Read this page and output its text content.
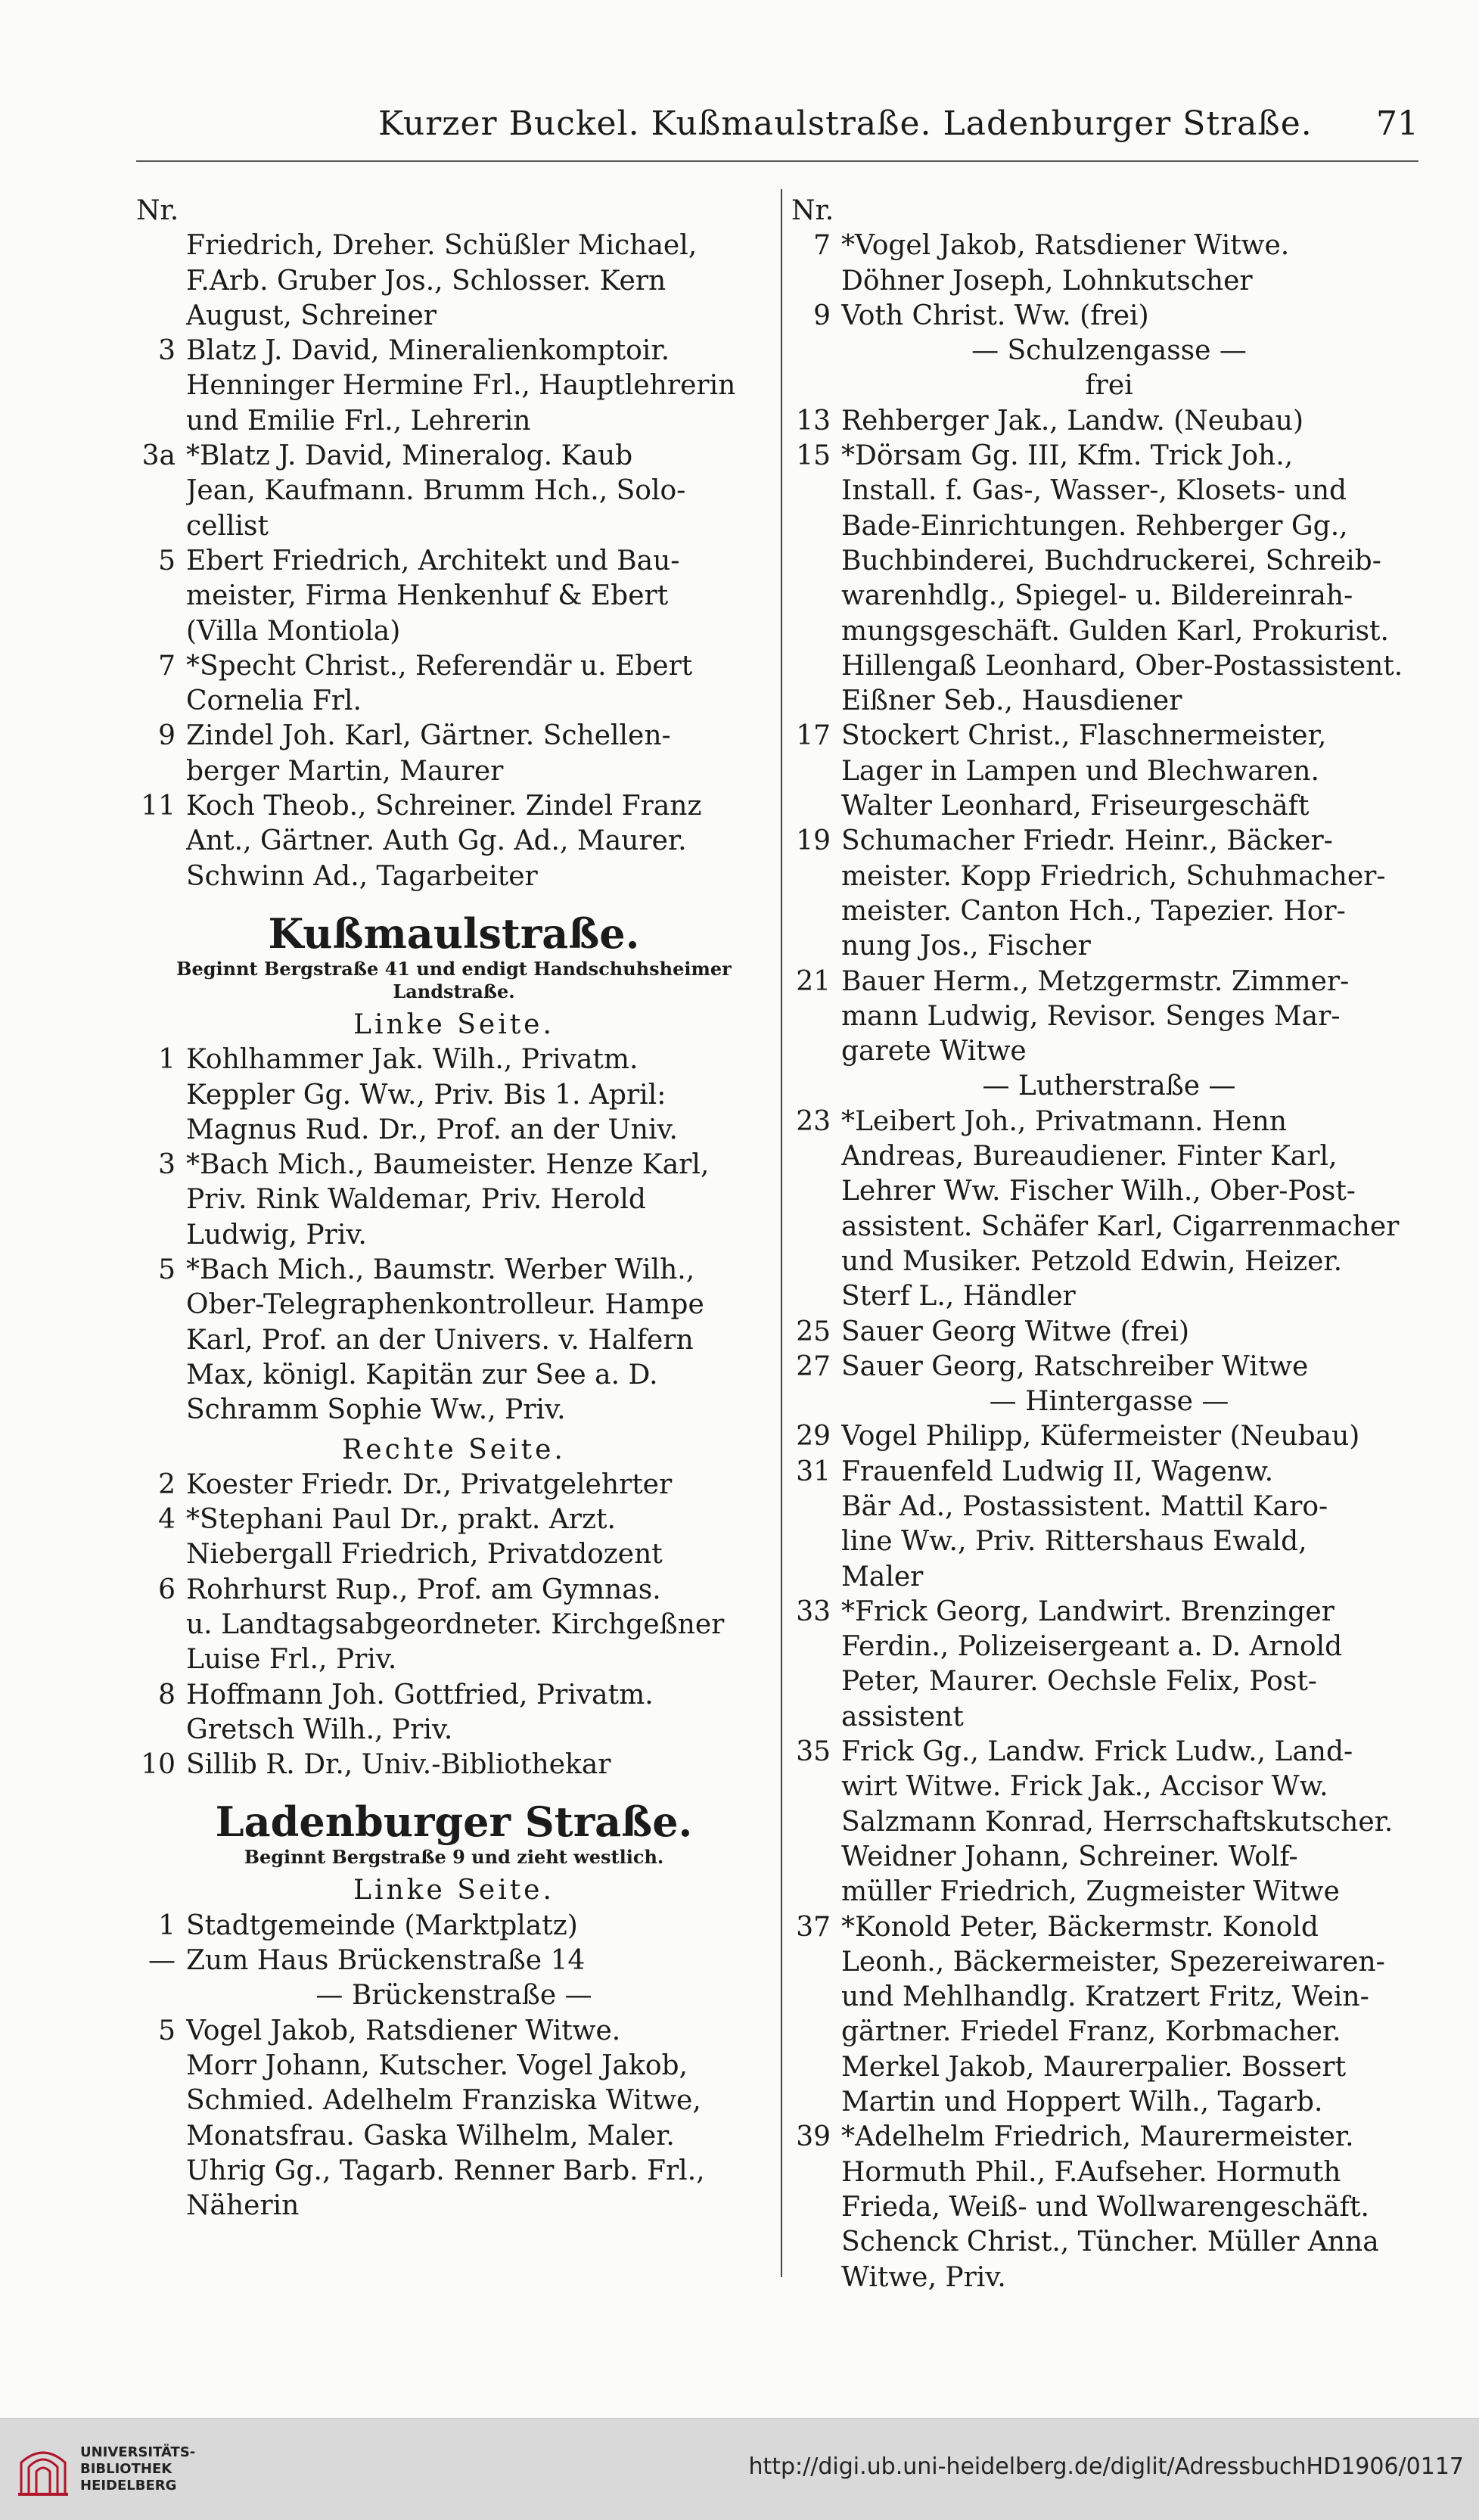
Kurzer Buckel. Kußmaulstraße. Ladenburger Straße. 71
Nr.
Friedrich, Dreher. Schüßler Michael,
F.Arb. Gruber Jos., Schlosser. Kern
August, Schreiner
3 Blatz J. David, Mineralienkomptoir.
Henninger Hermine Frl., Hauptlehrerin
und Emilie Frl., Lehrerin
3a *Blatz J. David, Mineralog. Kaub
Jean, Kaufmann. Brumm Hch., Solo-
cellist
5 Ebert Friedrich, Architekt und Bau-
meister, Firma Henkenhuf & Ebert
(Villa Montiola)
7 *Specht Christ., Referendär u. Ebert
Cornelia Frl.
9 Zindel Joh. Karl, Gärtner. Schellen-
berger Martin, Maurer
11 Koch Theob., Schreiner. Zindel Franz
Ant., Gärtner. Auth Gg. Ad., Maurer.
Schwinn Ad., Tagarbeiter
Kußmaulstraße.
Beginnt Bergstraße 41 und endigt Handschuhsheimer
Landstraße.
Linke Seite.
1 Kohlhammer Jak. Wilh., Privatm.
Keppler Gg. Ww., Priv. Bis 1. April:
Magnus Rud. Dr., Prof. an der Univ.
3 *Bach Mich., Baumeister. Henze Karl,
Priv. Rink Waldemar, Priv. Herold
Ludwig, Priv.
5 *Bach Mich., Baumstr. Werber Wilh.,
Ober-Telegraphenkontrolleur. Hampe
Karl, Prof. an der Univers. v. Halfern
Max, königl. Kapitän zur See a. D.
Schramm Sophie Ww., Priv.
Rechte Seite.
2 Koester Friedr. Dr., Privatgelehrter
4 *Stephani Paul Dr., prakt. Arzt.
Niebergall Friedrich, Privatdozent
6 Rohrhurst Rup., Prof. am Gymnas.
u. Landtagsabgeordneter. Kirchgeßner
Luise Frl., Priv.
8 Hoffmann Joh. Gottfried, Privatm.
Gretsch Wilh., Priv.
10 Sillib R. Dr., Univ.-Bibliothekar
Ladenburger Straße.
Beginnt Bergstraße 9 und zieht westlich.
Linke Seite.
1 Stadtgemeinde (Marktplatz)
— Zum Haus Brückenstraße 14
— Brückenstraße —
5 Vogel Jakob, Ratsdiener Witwe.
Morr Johann, Kutscher. Vogel Jakob,
Schmied. Adelhelm Franziska Witwe,
Monatsfrau. Gaska Wilhelm, Maler.
Uhrig Gg., Tagarb. Renner Barb. Frl.,
Näherin
Nr.
7 *Vogel Jakob, Ratsdiener Witwe.
Döhner Joseph, Lohnkutscher
9 Voth Christ. Ww. (frei)
— Schulzengasse —
frei
13 Rehberger Jak., Landw. (Neubau)
15 *Dörsam Gg. III, Kfm. Trick Joh.,
Install. f. Gas-, Wasser-, Klosets- und
Bade-Einrichtungen. Rehberger Gg.,
Buchbinderei, Buchdruckerei, Schreib-
warenhdlg., Spiegel- u. Bildereinrah-
mungsgeschäft. Gulden Karl, Prokurist.
Hillengaß Leonhard, Ober-Postassistent.
Eißner Seb., Hausdiener
17 Stockert Christ., Flaschnermeister,
Lager in Lampen und Blechwaren.
Walter Leonhard, Friseurgeschäft
19 Schumacher Friedr. Heinr., Bäcker-
meister. Kopp Friedrich, Schuhmacher-
meister. Canton Hch., Tapezier. Hor-
nung Jos., Fischer
21 Bauer Herm., Metzgermstr. Zimmer-
mann Ludwig, Revisor. Senges Mar-
garete Witwe
— Lutherstraße —
23 *Leibert Joh., Privatmann. Henn
Andreas, Bureaudiener. Finter Karl,
Lehrer Ww. Fischer Wilh., Ober-Post-
assistent. Schäfer Karl, Cigarrenmacher
und Musiker. Petzold Edwin, Heizer.
Sterf L., Händler
25 Sauer Georg Witwe (frei)
27 Sauer Georg, Ratschreiber Witwe
— Hintergasse —
29 Vogel Philipp, Küfermeister (Neubau)
31 Frauenfeld Ludwig II, Wagenw.
Bär Ad., Postassistent. Mattil Karo-
line Ww., Priv. Rittershaus Ewald,
Maler
33 *Frick Georg, Landwirt. Brenzinger
Ferdin., Polizeisergeant a. D. Arnold
Peter, Maurer. Oechsle Felix, Post-
assistent
35 Frick Gg., Landw. Frick Ludw., Land-
wirt Witwe. Frick Jak., Accisor Ww.
Salzmann Konrad, Herrschaftskutscher.
Weidner Johann, Schreiner. Wolf-
müller Friedrich, Zugmeister Witwe
37 *Konold Peter, Bäckermstr. Konold
Leonh., Bäckermeister, Spezereiwaren-
und Mehlhandlg. Kratzert Fritz, Wein-
gärtner. Friedel Franz, Korbmacher.
Merkel Jakob, Maurerpalier. Bossert
Martin und Hoppert Wilh., Tagarb.
39 *Adelhelm Friedrich, Maurermeister.
Hormuth Phil., F.Aufseher. Hormuth
Frieda, Weiß- und Wollwarengeschäft.
Schenck Christ., Tüncher. Müller Anna
Witwe, Priv.
UNIVERSITÄTS-
BIBLIOTHEK
HEIDELBERG
http://digi.ub.uni-heidelberg.de/diglit/AdressbuchHD1906/0117
